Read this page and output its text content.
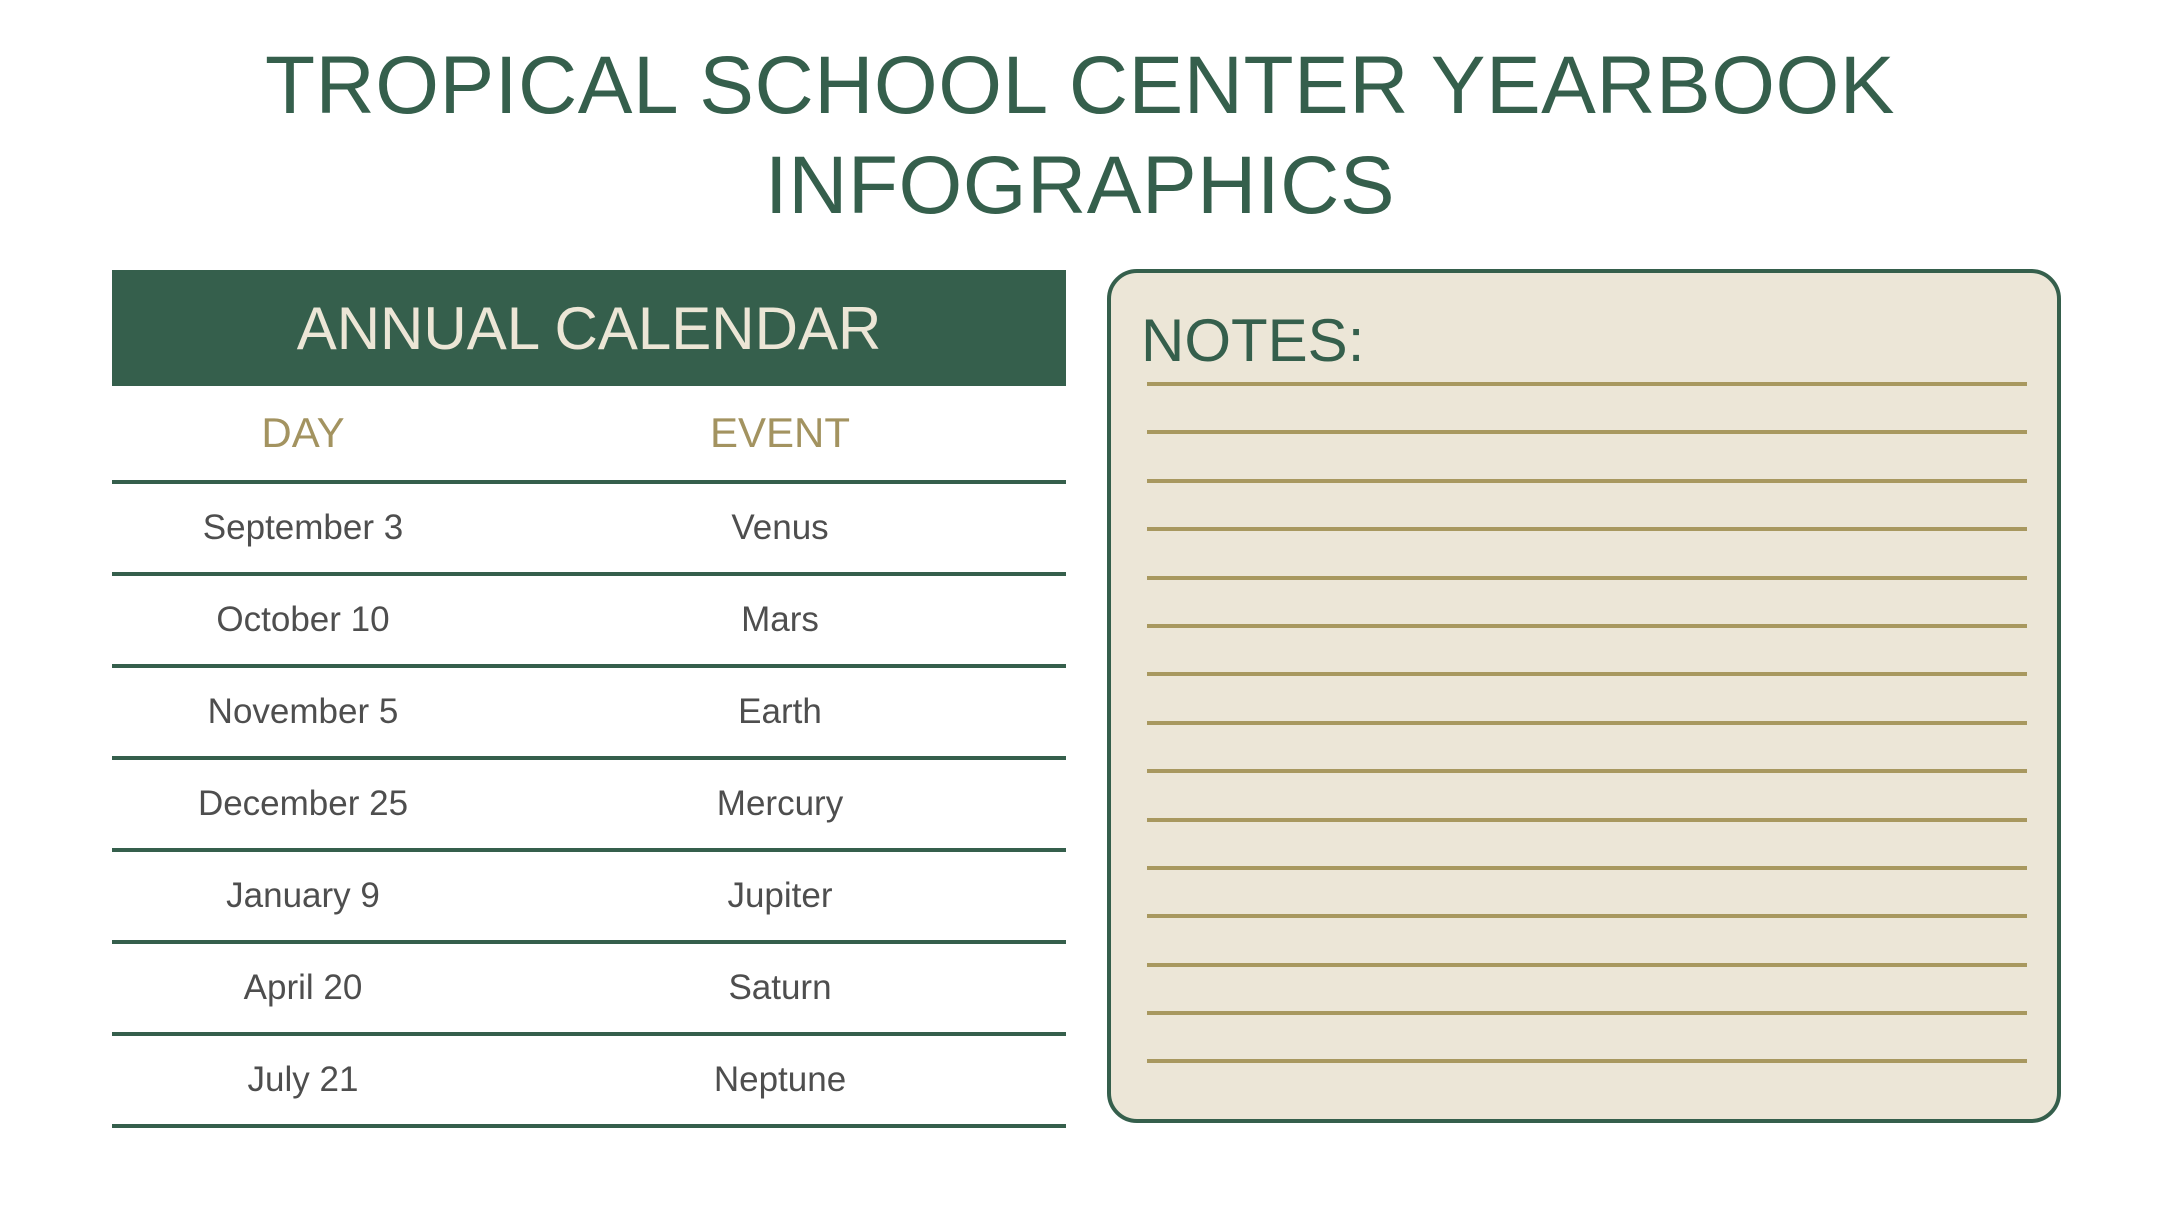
TROPICAL SCHOOL CENTER YEARBOOK
INFOGRAPHICS
ANNUAL CALENDAR
DAY	EVENT
September 3	Venus
October 10	Mars
November 5	Earth
December 25	Mercury
January 9	Jupiter
April 20	Saturn
July 21	Neptune
NOTES:
